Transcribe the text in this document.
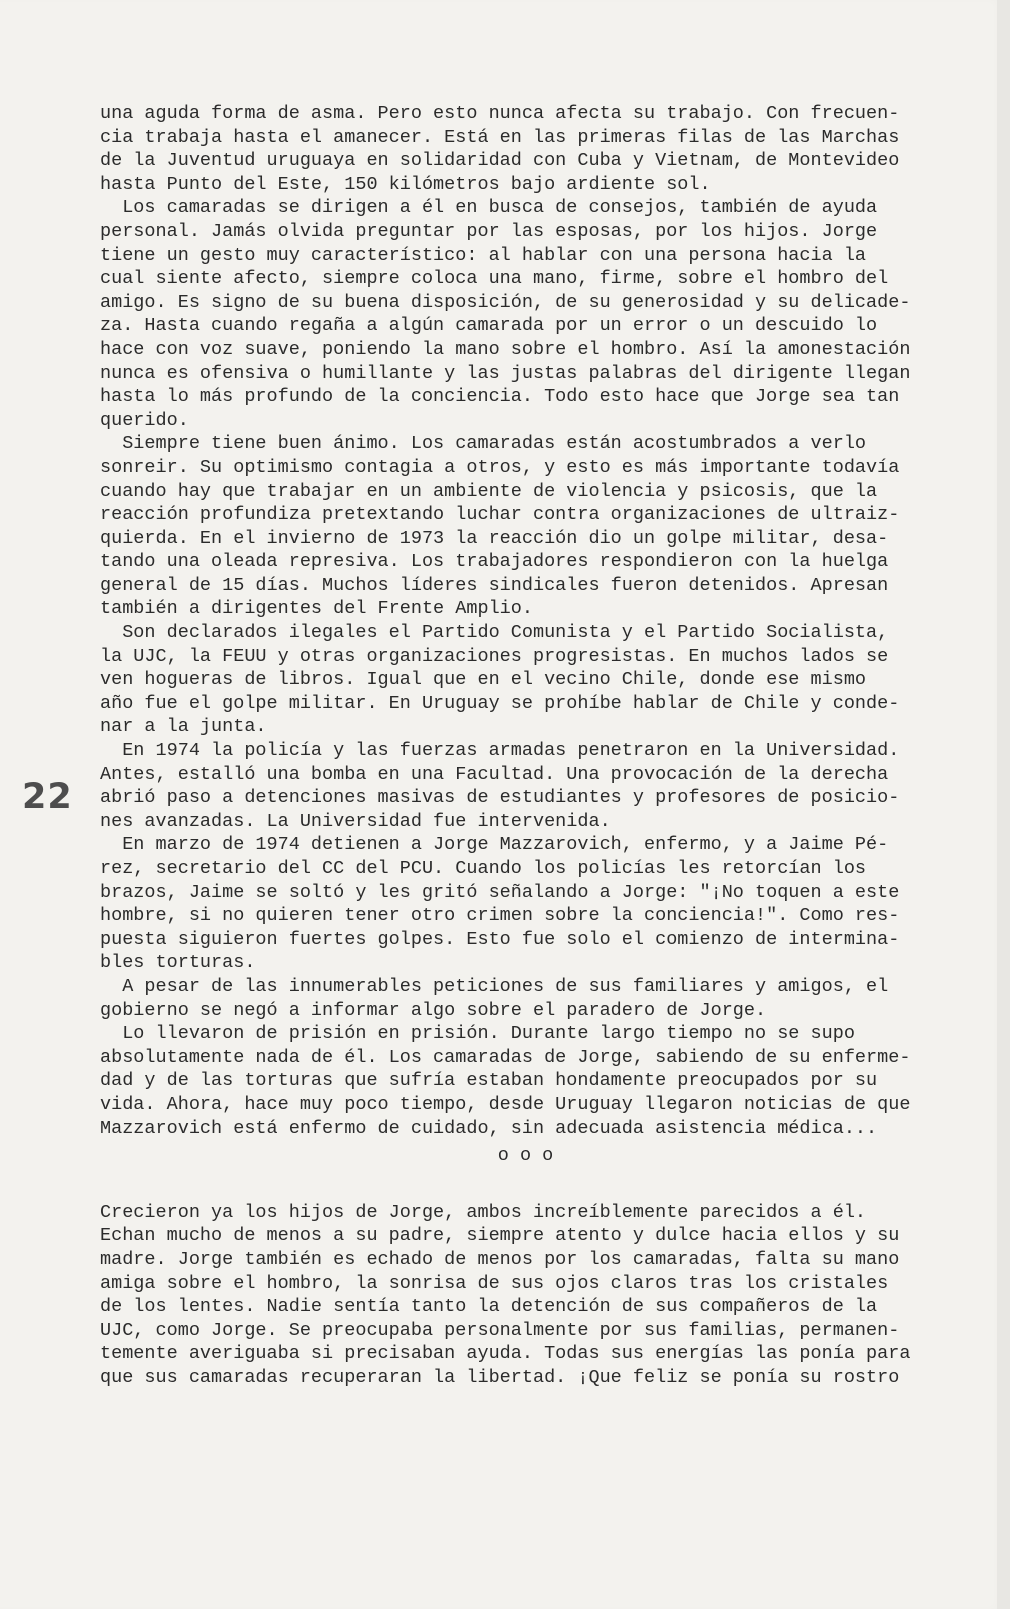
22
una aguda forma de asma. Pero esto nunca afecta su trabajo. Con frecuen-
cia trabaja hasta el amanecer. Está en las primeras filas de las Marchas
de la Juventud uruguaya en solidaridad con Cuba y Vietnam, de Montevideo
hasta Punto del Este, 150 kilómetros bajo ardiente sol.
Los camaradas se dirigen a él en busca de consejos, también de ayuda
personal. Jamás olvida preguntar por las esposas, por los hijos. Jorge
tiene un gesto muy característico: al hablar con una persona hacia la
cual siente afecto, siempre coloca una mano, firme, sobre el hombro del
amigo. Es signo de su buena disposición, de su generosidad y su delicade-
za. Hasta cuando regaña a algún camarada por un error o un descuido lo
hace con voz suave, poniendo la mano sobre el hombro. Así la amonestación
nunca es ofensiva o humillante y las justas palabras del dirigente llegan
hasta lo más profundo de la conciencia. Todo esto hace que Jorge sea tan
querido.
Siempre tiene buen ánimo. Los camaradas están acostumbrados a verlo
sonreir. Su optimismo contagia a otros, y esto es más importante todavía
cuando hay que trabajar en un ambiente de violencia y psicosis, que la
reacción profundiza pretextando luchar contra organizaciones de ultraiz-
quierda. En el invierno de 1973 la reacción dio un golpe militar, desa-
tando una oleada represiva. Los trabajadores respondieron con la huelga
general de 15 días. Muchos líderes sindicales fueron detenidos. Apresan
también a dirigentes del Frente Amplio.
Son declarados ilegales el Partido Comunista y el Partido Socialista,
la UJC, la FEUU y otras organizaciones progresistas. En muchos lados se
ven hogueras de libros. Igual que en el vecino Chile, donde ese mismo
año fue el golpe militar. En Uruguay se prohíbe hablar de Chile y conde-
nar a la junta.
En 1974 la policía y las fuerzas armadas penetraron en la Universidad.
Antes, estalló una bomba en una Facultad. Una provocación de la derecha
abrió paso a detenciones masivas de estudiantes y profesores de posicio-
nes avanzadas. La Universidad fue intervenida.
En marzo de 1974 detienen a Jorge Mazzarovich, enfermo, y a Jaime Pé-
rez, secretario del CC del PCU. Cuando los policías les retorcían los
brazos, Jaime se soltó y les gritó señalando a Jorge: "¡No toquen a este
hombre, si no quieren tener otro crimen sobre la conciencia!". Como res-
puesta siguieron fuertes golpes. Esto fue solo el comienzo de intermina-
bles torturas.
A pesar de las innumerables peticiones de sus familiares y amigos, el
gobierno se negó a informar algo sobre el paradero de Jorge.
Lo llevaron de prisión en prisión. Durante largo tiempo no se supo
absolutamente nada de él. Los camaradas de Jorge, sabiendo de su enferme-
dad y de las torturas que sufría estaban hondamente preocupados por su
vida. Ahora, hace muy poco tiempo, desde Uruguay llegaron noticias de que
Mazzarovich está enfermo de cuidado, sin adecuada asistencia médica...
o o o
Crecieron ya los hijos de Jorge, ambos increíblemente parecidos a él.
Echan mucho de menos a su padre, siempre atento y dulce hacia ellos y su
madre. Jorge también es echado de menos por los camaradas, falta su mano
amiga sobre el hombro, la sonrisa de sus ojos claros tras los cristales
de los lentes. Nadie sentía tanto la detención de sus compañeros de la
UJC, como Jorge. Se preocupaba personalmente por sus familias, permanen-
temente averiguaba si precisaban ayuda. Todas sus energías las ponía para
que sus camaradas recuperaran la libertad. ¡Que feliz se ponía su rostro
